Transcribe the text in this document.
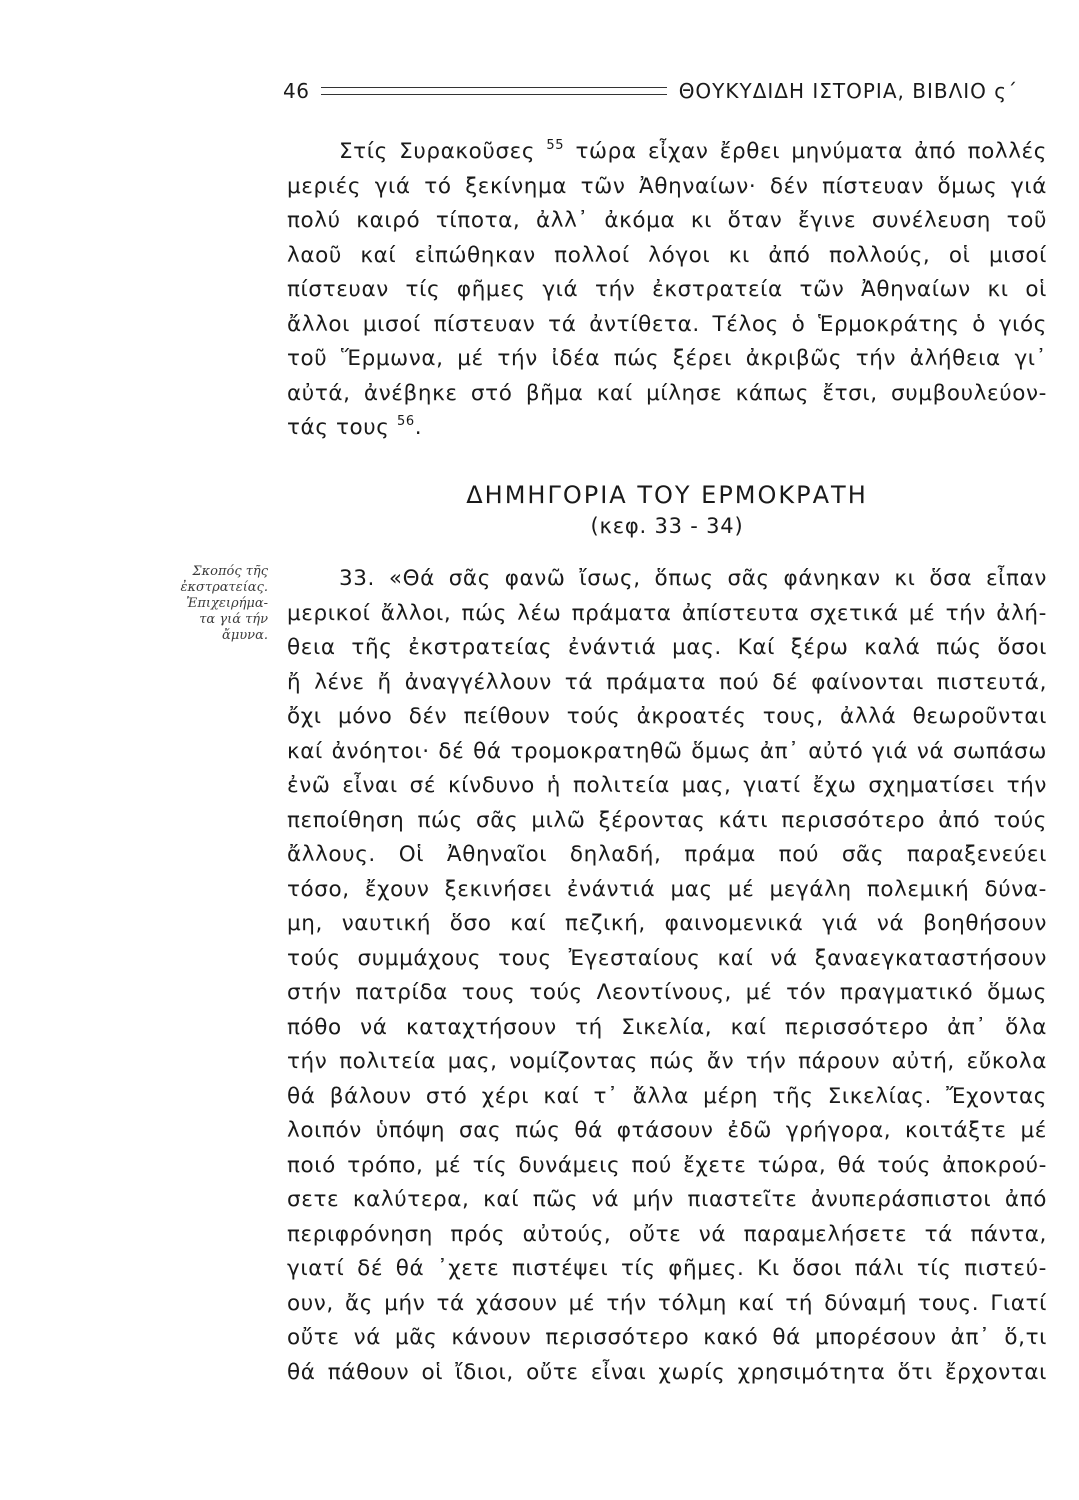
46	ΘΟΥΚΥΔΙΔΗ ΙΣΤΟΡΙΑ, ΒΙΒΛΙΟ ς΄
Στίς Συρακοῦσες $^{55}$ τώρα εἶχαν ἔρθει μηνύματα ἀπό πολλές
μεριές γιά τό ξεκίνημα τῶν Ἀθηναίων· δέν πίστευαν ὅμως γιά
πολύ καιρό τίποτα, ἀλλ᾽ ἀκόμα κι ὅταν ἔγινε συνέλευση τοῦ
λαοῦ καί εἰπώθηκαν πολλοί λόγοι κι ἀπό πολλούς, οἱ μισοί
πίστευαν τίς φῆμες γιά τήν ἐκστρατεία τῶν Ἀθηναίων κι οἱ
ἄλλοι μισοί πίστευαν τά ἀντίθετα. Τέλος ὁ Ἑρμοκράτης ὁ γιός
τοῦ Ἕρμωνα, μέ τήν ἰδέα πώς ξέρει ἀκριβῶς τήν ἀλήθεια γι᾽
αὐτά, ἀνέβηκε στό βῆμα καί μίλησε κάπως ἔτσι, συμβουλεύον-
τάς τους $^{56}$.
ΔΗΜΗΓΟΡΙΑ ΤΟΥ ΕΡΜΟΚΡΑΤΗ
(κεφ. 33 - 34)
Σκοπός τῆς
ἐκστρατείας.
Ἐπιχειρήμα-
τα γιά τήν
ἄμυνα.
33. «Θά σᾶς φανῶ ἴσως, ὅπως σᾶς φάνηκαν κι ὅσα εἶπαν
μερικοί ἄλλοι, πώς λέω πράματα ἀπίστευτα σχετικά μέ τήν ἀλή-
θεια τῆς ἐκστρατείας ἐνάντιά μας. Καί ξέρω καλά πώς ὅσοι
ἤ λένε ἤ ἀναγγέλλουν τά πράματα πού δέ φαίνονται πιστευτά,
ὄχι μόνο δέν πείθουν τούς ἀκροατές τους, ἀλλά θεωροῦνται
καί ἀνόητοι· δέ θά τρομοκρατηθῶ ὅμως ἀπ᾽ αὐτό γιά νά σωπάσω
ἐνῶ εἶναι σέ κίνδυνο ἡ πολιτεία μας, γιατί ἔχω σχηματίσει τήν
πεποίθηση πώς σᾶς μιλῶ ξέροντας κάτι περισσότερο ἀπό τούς
ἄλλους. Οἱ Ἀθηναῖοι δηλαδή, πράμα πού σᾶς παραξενεύει
τόσο, ἔχουν ξεκινήσει ἐνάντιά μας μέ μεγάλη πολεμική δύνα-
μη, ναυτική ὅσο καί πεζική, φαινομενικά γιά νά βοηθήσουν
τούς συμμάχους τους Ἐγεσταίους καί νά ξαναεγκαταστήσουν
στήν πατρίδα τους τούς Λεοντίνους, μέ τόν πραγματικό ὅμως
πόθο νά καταχτήσουν τή Σικελία, καί περισσότερο ἀπ᾽ ὅλα
τήν πολιτεία μας, νομίζοντας πώς ἄν τήν πάρουν αὐτή, εὔκολα
θά βάλουν στό χέρι καί τ᾽ ἄλλα μέρη τῆς Σικελίας. Ἔχοντας
λοιπόν ὑπόψη σας πώς θά φτάσουν ἐδῶ γρήγορα, κοιτάξτε μέ
ποιό τρόπο, μέ τίς δυνάμεις πού ἔχετε τώρα, θά τούς ἀποκρού-
σετε καλύτερα, καί πῶς νά μήν πιαστεῖτε ἀνυπεράσπιστοι ἀπό
περιφρόνηση πρός αὐτούς, οὔτε νά παραμελήσετε τά πάντα,
γιατί δέ θά ᾽χετε πιστέψει τίς φῆμες. Κι ὅσοι πάλι τίς πιστεύ-
ουν, ἄς μήν τά χάσουν μέ τήν τόλμη καί τή δύναμή τους. Γιατί
οὔτε νά μᾶς κάνουν περισσότερο κακό θά μπορέσουν ἀπ᾽ ὅ,τι
θά πάθουν οἱ ἴδιοι, οὔτε εἶναι χωρίς χρησιμότητα ὅτι ἔρχονται
